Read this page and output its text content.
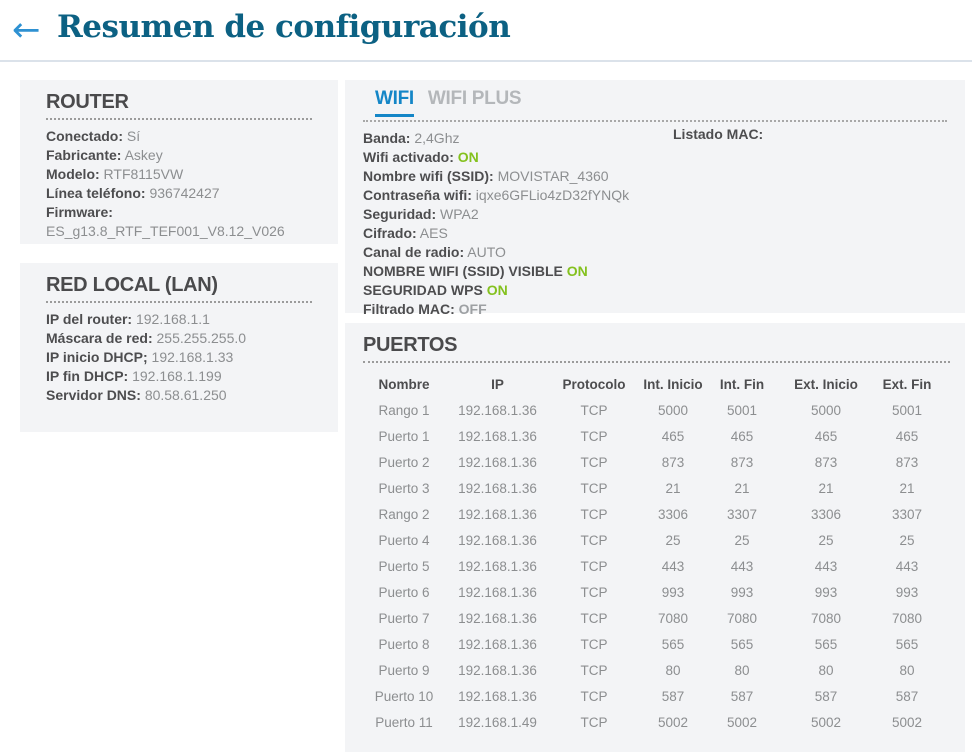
← Resumen de configuración
ROUTER
Conectado: Sí
Fabricante: Askey
Modelo: RTF8115VW
Línea teléfono: 936742427
Firmware: ES_g13.8_RTF_TEF001_V8.12_V026
RED LOCAL (LAN)
IP del router: 192.168.1.1
Máscara de red: 255.255.255.0
IP inicio DHCP; 192.168.1.33
IP fin DHCP: 192.168.1.199
Servidor DNS: 80.58.61.250
WIFI WIFI PLUS
Banda: 2,4Ghz
Wifi activado: ON
Nombre wifi (SSID): MOVISTAR_4360
Contraseña wifi: iqxe6GFLio4zD32fYNQk
Seguridad: WPA2
Cifrado: AES
Canal de radio: AUTO
NOMBRE WIFI (SSID) VISIBLE ON
SEGURIDAD WPS ON
Filtrado MAC: OFF
Listado MAC:
PUERTOS
Nombre	IP	Protocolo	Int. Inicio	Int. Fin	Ext. Inicio	Ext. Fin
Rango 1	192.168.1.36	TCP	5000	5001	5000	5001
Puerto 1	192.168.1.36	TCP	465	465	465	465
Puerto 2	192.168.1.36	TCP	873	873	873	873
Puerto 3	192.168.1.36	TCP	21	21	21	21
Rango 2	192.168.1.36	TCP	3306	3307	3306	3307
Puerto 4	192.168.1.36	TCP	25	25	25	25
Puerto 5	192.168.1.36	TCP	443	443	443	443
Puerto 6	192.168.1.36	TCP	993	993	993	993
Puerto 7	192.168.1.36	TCP	7080	7080	7080	7080
Puerto 8	192.168.1.36	TCP	565	565	565	565
Puerto 9	192.168.1.36	TCP	80	80	80	80
Puerto 10	192.168.1.36	TCP	587	587	587	587
Puerto 11	192.168.1.49	TCP	5002	5002	5002	5002
